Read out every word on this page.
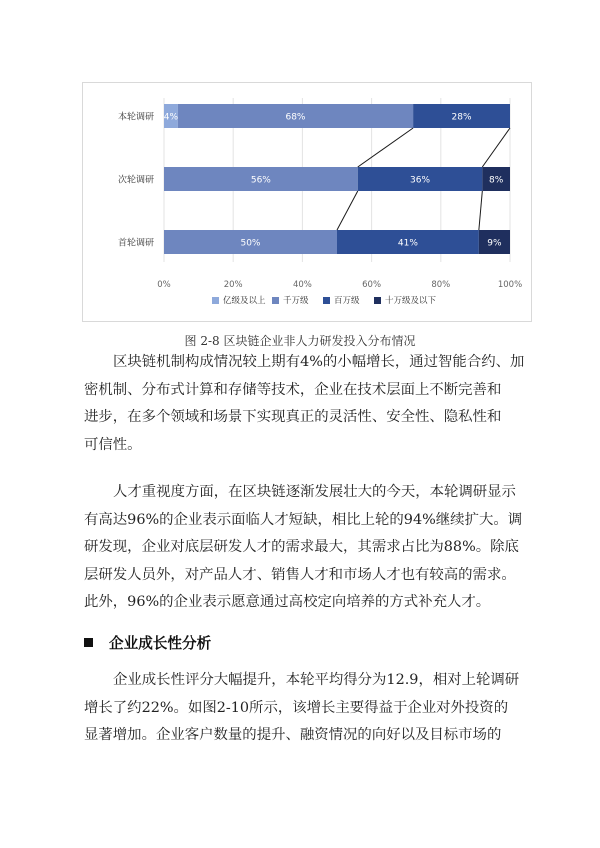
0%	20%	40%	60%	80%	100%
本轮调研 4%	68%	28%
次轮调研	56%	36%	8%
首轮调研	50%	41%	9%
亿级及以上 千万级	百万级	十万级及以下
图 2-8 区块链企业非人力研发投入分布情况
区块链机制构成情况较上期有4%的小幅增长，通过智能合约、加
密机制、分布式计算和存储等技术，企业在技术层面上不断完善和
进步，在多个领域和场景下实现真正的灵活性、安全性、隐私性和
可信性。
人才重视度方面，在区块链逐渐发展壮大的今天，本轮调研显示
有高达96%的企业表示面临人才短缺，相比上轮的94%继续扩大。调
研发现，企业对底层研发人才的需求最大，其需求占比为88%。除底
层研发人员外，对产品人才、销售人才和市场人才也有较高的需求。
此外，96%的企业表示愿意通过高校定向培养的方式补充人才。
企业成长性分析
企业成长性评分大幅提升，本轮平均得分为12.9，相对上轮调研
增长了约22%。如图2-10所示，该增长主要得益于企业对外投资的
显著增加。企业客户数量的提升、融资情况的向好以及目标市场的
